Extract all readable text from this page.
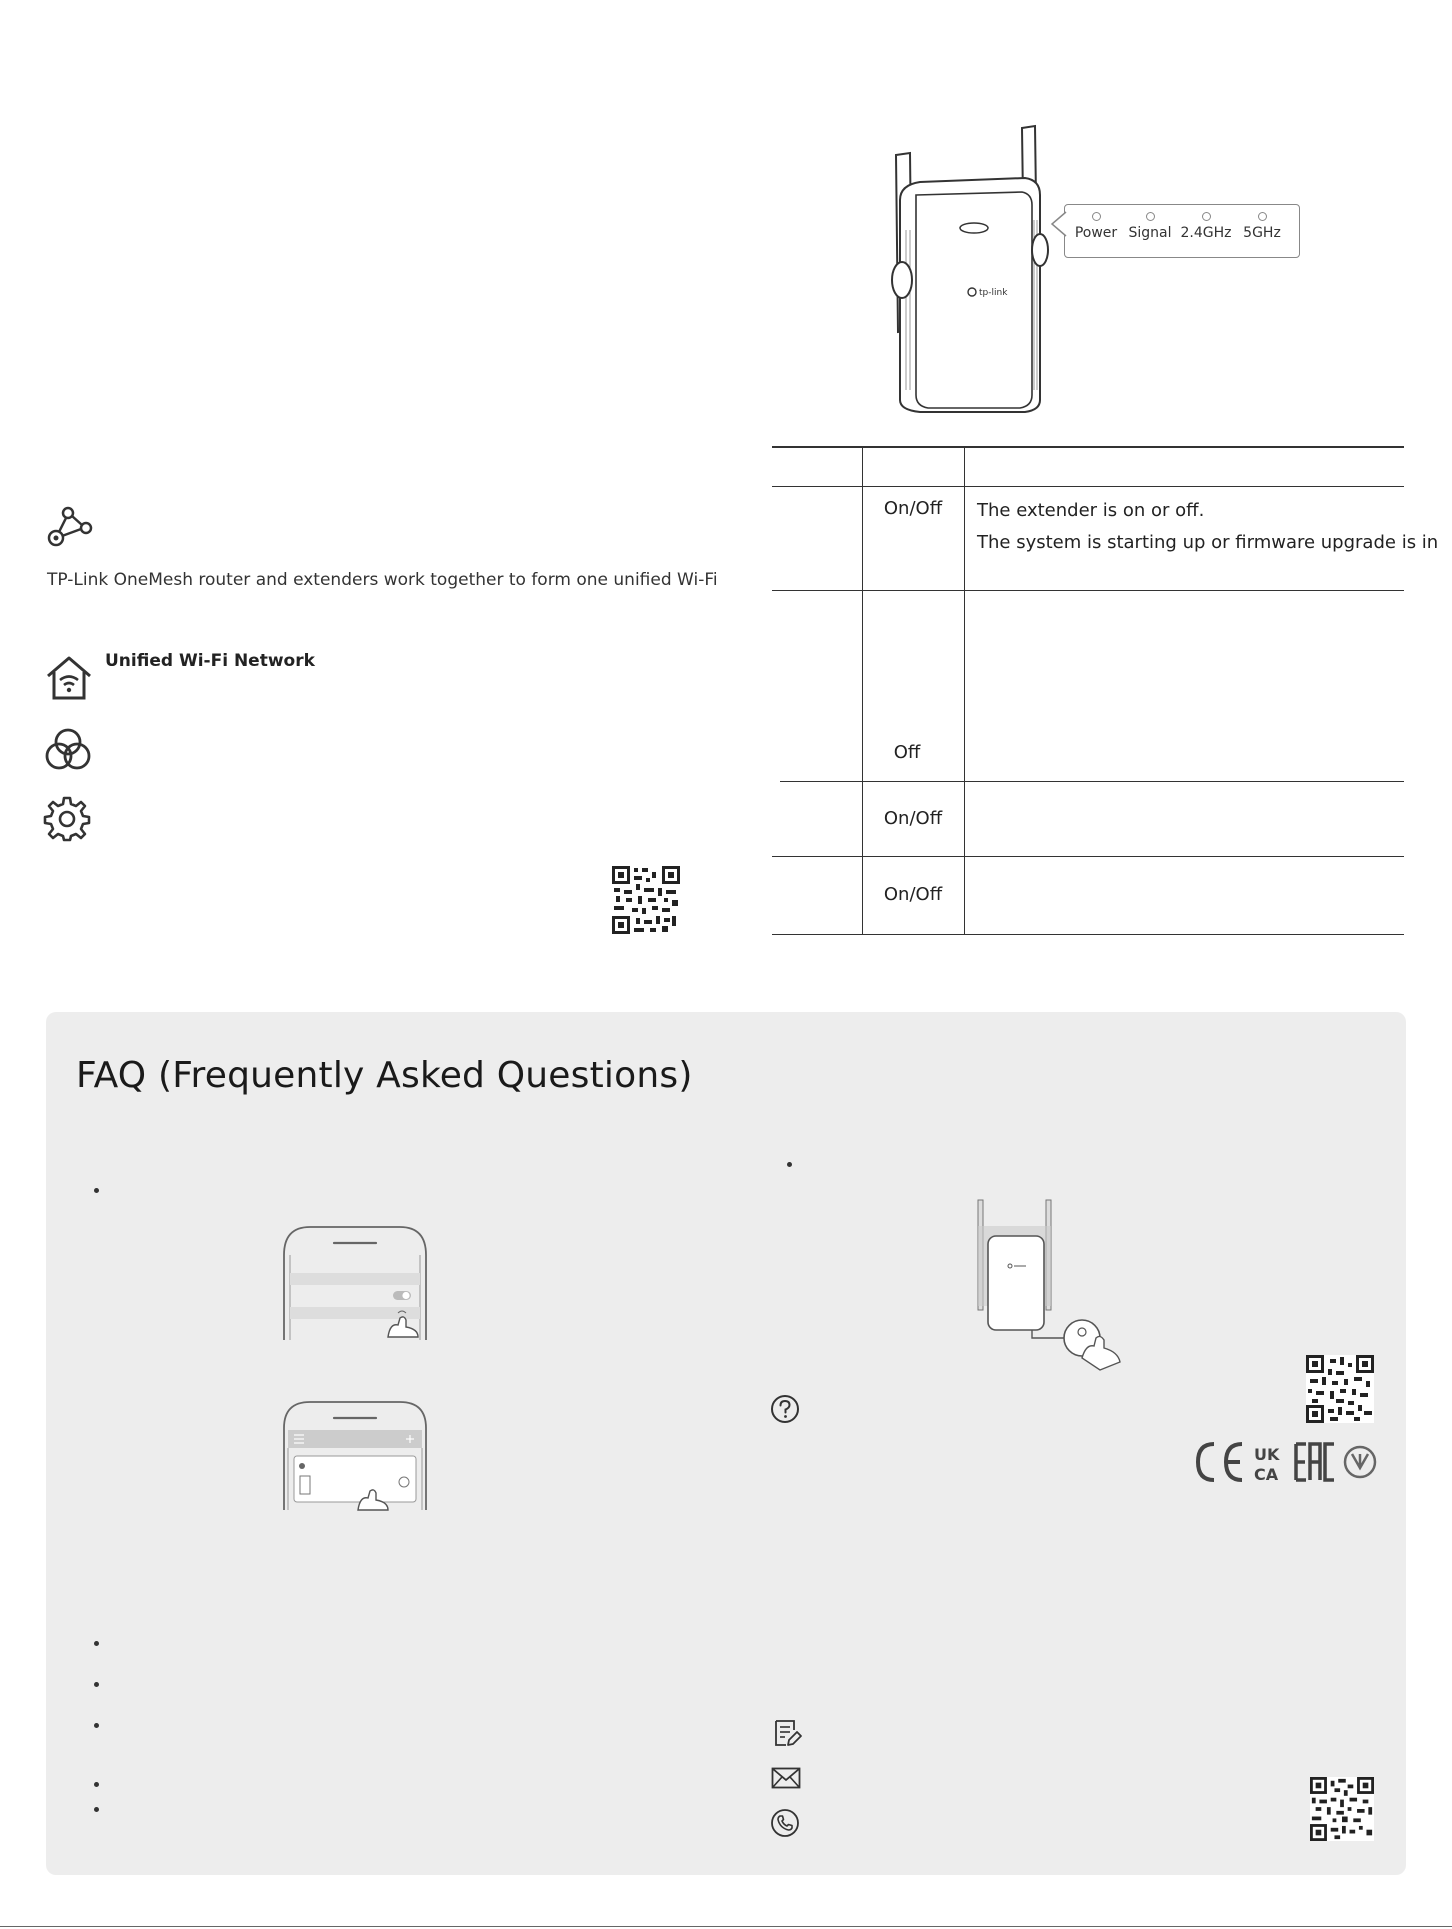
tp-link
Power Signal 2.4GHz 5GHz
On/Off	The extender is on or off.
The system is starting up or firmware upgrade is in
Off
On/Off
On/Off
TP-Link OneMesh router and extenders work together to form one unified Wi-Fi
Unified Wi-Fi Network
FAQ (Frequently Asked Questions)
UK
CA
